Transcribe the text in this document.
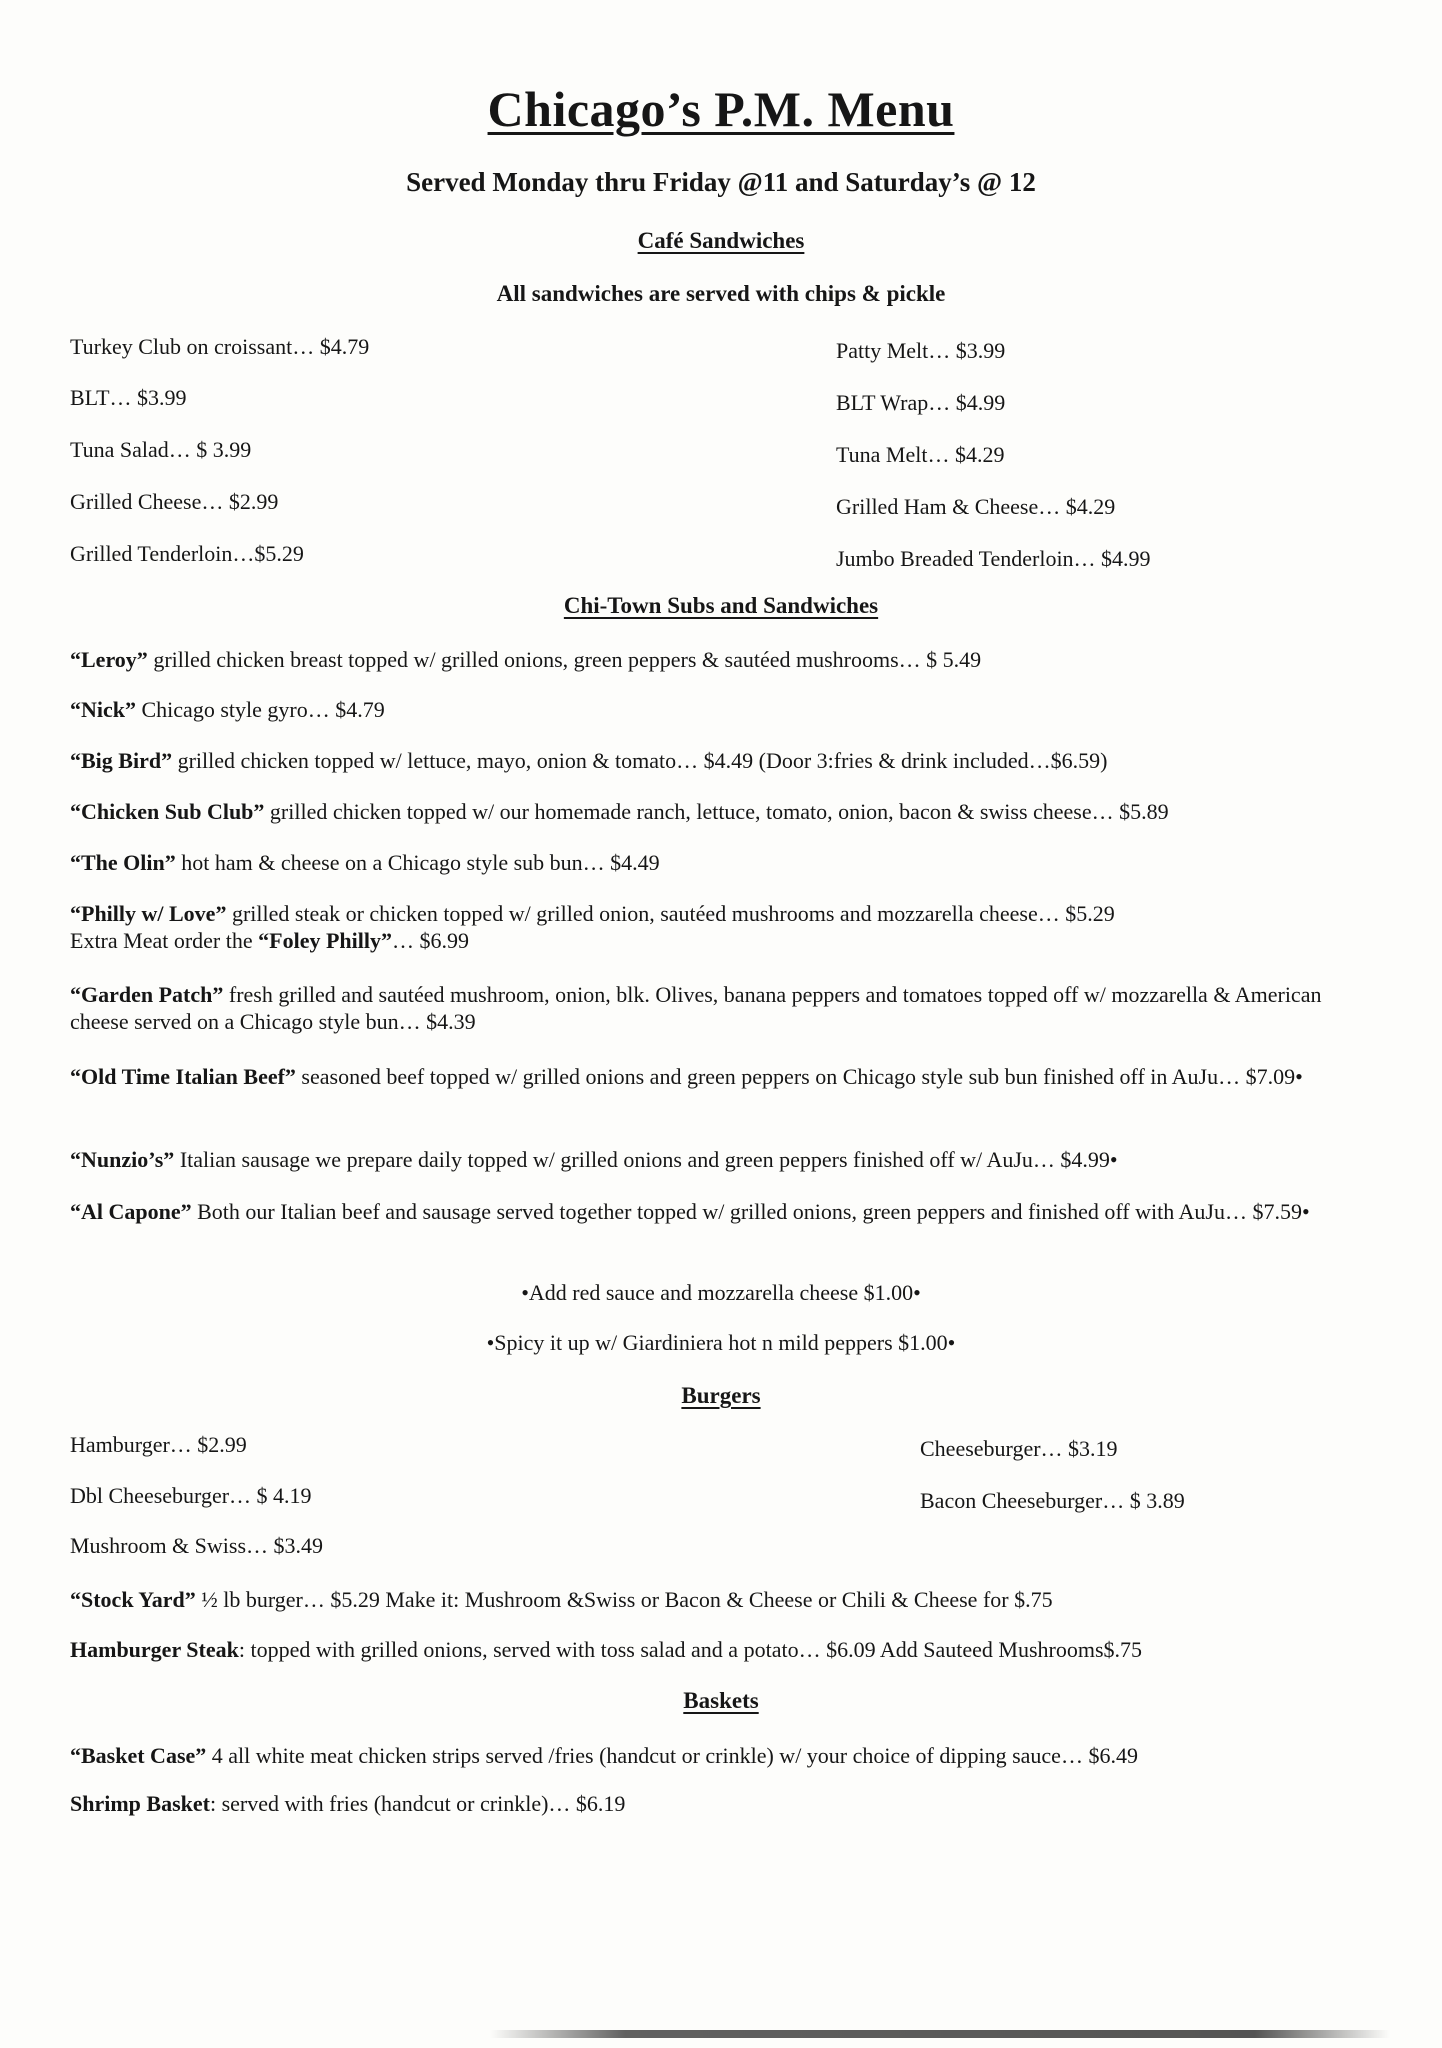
Chicago’s P.M. Menu
Served Monday thru Friday @11 and Saturday’s @ 12
Café Sandwiches
All sandwiches are served with chips & pickle
Turkey Club on croissant… $4.79
BLT… $3.99
Tuna Salad… $ 3.99
Grilled Cheese… $2.99
Grilled Tenderloin…$5.29
Patty Melt… $3.99
BLT Wrap… $4.99
Tuna Melt… $4.29
Grilled Ham & Cheese… $4.29
Jumbo Breaded Tenderloin… $4.99
Chi-Town Subs and Sandwiches
“Leroy” grilled chicken breast topped w/ grilled onions, green peppers & sautéed mushrooms… $ 5.49
“Nick” Chicago style gyro… $4.79
“Big Bird” grilled chicken topped w/ lettuce, mayo, onion & tomato… $4.49 (Door 3:fries & drink included…$6.59)
“Chicken Sub Club” grilled chicken topped w/ our homemade ranch, lettuce, tomato, onion, bacon & swiss cheese… $5.89
“The Olin” hot ham & cheese on a Chicago style sub bun… $4.49
“Philly w/ Love” grilled steak or chicken topped w/ grilled onion, sautéed mushrooms and mozzarella cheese… $5.29
Extra Meat order the “Foley Philly”… $6.99
“Garden Patch” fresh grilled and sautéed mushroom, onion, blk. Olives, banana peppers and tomatoes topped off w/ mozzarella & American cheese served on a Chicago style bun… $4.39
“Old Time Italian Beef” seasoned beef topped w/ grilled onions and green peppers on Chicago style sub bun finished off in AuJu… $7.09•
“Nunzio’s” Italian sausage we prepare daily topped w/ grilled onions and green peppers finished off w/ AuJu… $4.99•
“Al Capone” Both our Italian beef and sausage served together topped w/ grilled onions, green peppers and finished off with AuJu… $7.59•
•Add red sauce and mozzarella cheese $1.00•
•Spicy it up w/ Giardiniera hot n mild peppers $1.00•
Burgers
Hamburger… $2.99
Dbl Cheeseburger… $ 4.19
Mushroom & Swiss… $3.49
Cheeseburger… $3.19
Bacon Cheeseburger… $ 3.89
“Stock Yard” ½ lb burger… $5.29 Make it: Mushroom &Swiss or Bacon & Cheese or Chili & Cheese for $.75
Hamburger Steak: topped with grilled onions, served with toss salad and a potato… $6.09 Add Sauteed Mushrooms$.75
Baskets
“Basket Case” 4 all white meat chicken strips served /fries (handcut or crinkle) w/ your choice of dipping sauce… $6.49
Shrimp Basket: served with fries (handcut or crinkle)… $6.19
